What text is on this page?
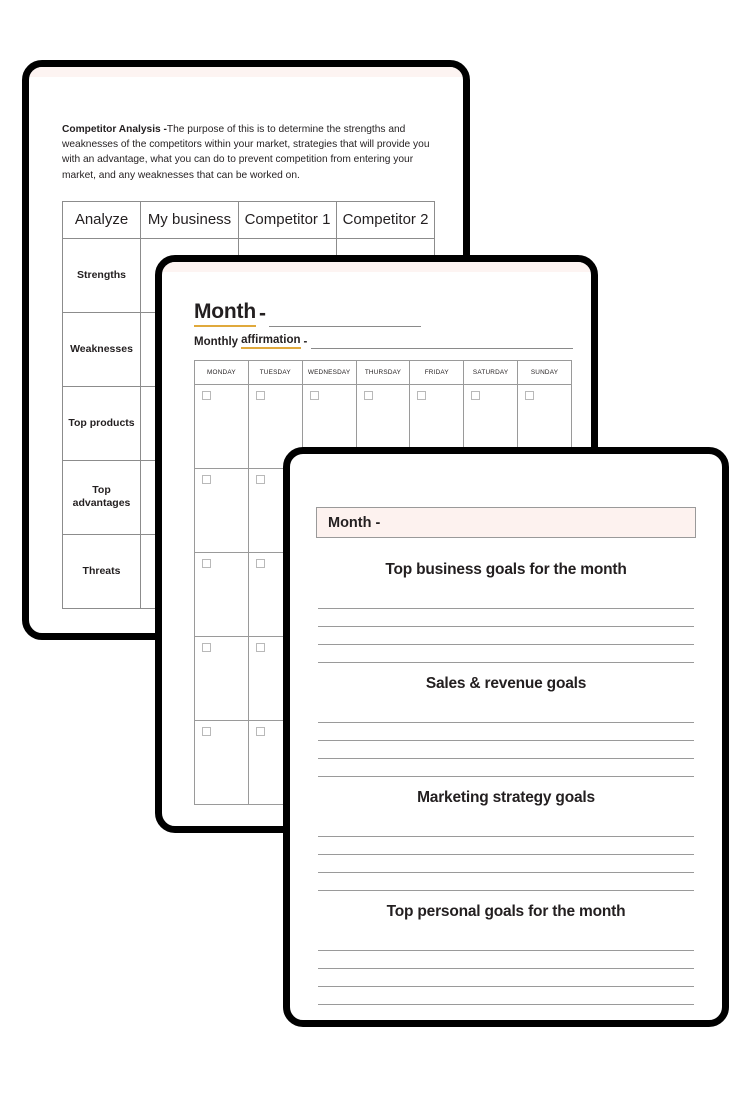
Competitor Analysis -The purpose of this is to determine the strengths and weaknesses of the competitors within your market, strategies that will provide you with an advantage, what you can do to prevent competition from entering your market, and any weaknesses that can be worked on.

Analyze	My business	Competitor 1	Competitor 2
Strengths			
Weaknesses			
Top products			
Top advantages			
Threats			
Month -
Monthly affirmation -
MONDAY	TUESDAY	WEDNESDAY	THURSDAY	FRIDAY	SATURDAY	SUNDAY

Month -
Top business goals for the month
Sales & revenue goals
Marketing strategy goals
Top personal goals for the month
